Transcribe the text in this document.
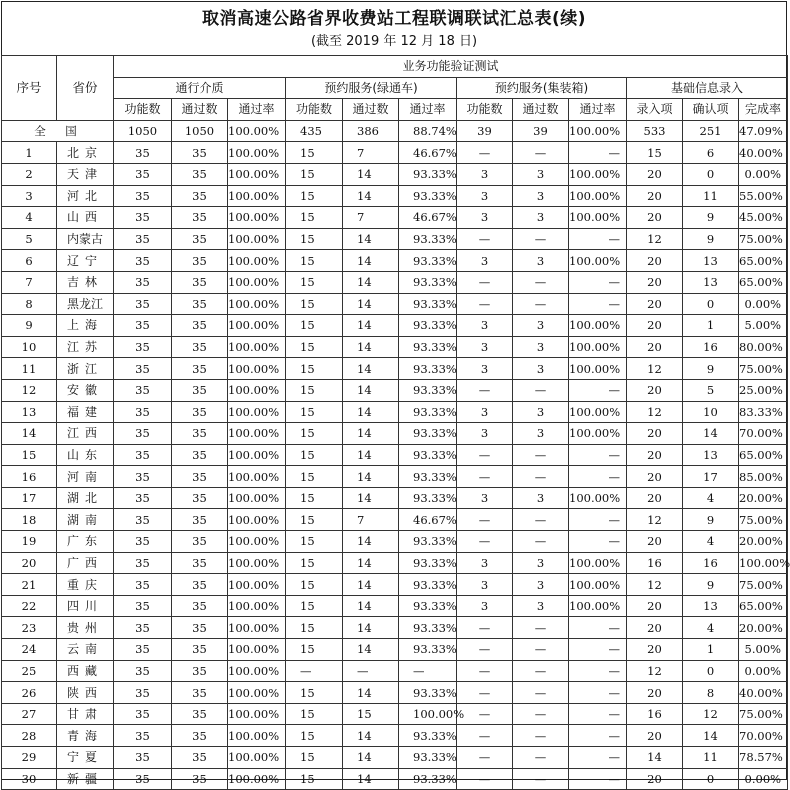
取消高速公路省界收费站工程联调联试汇总表(续)
(截至 2019 年 12 月 18 日)
序号	省份	业务功能验证测试											
		通行介质			预约服务(绿通车)			预约服务(集装箱)			基础信息录入		
		功能数	通过数	通过率	功能数	通过数	通过率	功能数	通过数	通过率	录入项	确认项	完成率
全　国		1050	1050	100.00%	435	386	88.74%	39	39	100.00%	533	251	47.09%
1	北京	35	35	100.00%	15	7	46.67%	—	—	—	15	6	40.00%
2	天津	35	35	100.00%	15	14	93.33%	3	3	100.00%	20	0	0.00%
3	河北	35	35	100.00%	15	14	93.33%	3	3	100.00%	20	11	55.00%
4	山西	35	35	100.00%	15	7	46.67%	3	3	100.00%	20	9	45.00%
5	内蒙古	35	35	100.00%	15	14	93.33%	—	—	—	12	9	75.00%
6	辽宁	35	35	100.00%	15	14	93.33%	3	3	100.00%	20	13	65.00%
7	吉林	35	35	100.00%	15	14	93.33%	—	—	—	20	13	65.00%
8	黑龙江	35	35	100.00%	15	14	93.33%	—	—	—	20	0	0.00%
9	上海	35	35	100.00%	15	14	93.33%	3	3	100.00%	20	1	5.00%
10	江苏	35	35	100.00%	15	14	93.33%	3	3	100.00%	20	16	80.00%
11	浙江	35	35	100.00%	15	14	93.33%	3	3	100.00%	12	9	75.00%
12	安徽	35	35	100.00%	15	14	93.33%	—	—	—	20	5	25.00%
13	福建	35	35	100.00%	15	14	93.33%	3	3	100.00%	12	10	83.33%
14	江西	35	35	100.00%	15	14	93.33%	3	3	100.00%	20	14	70.00%
15	山东	35	35	100.00%	15	14	93.33%	—	—	—	20	13	65.00%
16	河南	35	35	100.00%	15	14	93.33%	—	—	—	20	17	85.00%
17	湖北	35	35	100.00%	15	14	93.33%	3	3	100.00%	20	4	20.00%
18	湖南	35	35	100.00%	15	7	46.67%	—	—	—	12	9	75.00%
19	广东	35	35	100.00%	15	14	93.33%	—	—	—	20	4	20.00%
20	广西	35	35	100.00%	15	14	93.33%	3	3	100.00%	16	16	100.00%
21	重庆	35	35	100.00%	15	14	93.33%	3	3	100.00%	12	9	75.00%
22	四川	35	35	100.00%	15	14	93.33%	3	3	100.00%	20	13	65.00%
23	贵州	35	35	100.00%	15	14	93.33%	—	—	—	20	4	20.00%
24	云南	35	35	100.00%	15	14	93.33%	—	—	—	20	1	5.00%
25	西藏	35	35	100.00%	—	—	—	—	—	—	12	0	0.00%
26	陕西	35	35	100.00%	15	14	93.33%	—	—	—	20	8	40.00%
27	甘肃	35	35	100.00%	15	15	100.00%	—	—	—	16	12	75.00%
28	青海	35	35	100.00%	15	14	93.33%	—	—	—	20	14	70.00%
29	宁夏	35	35	100.00%	15	14	93.33%	—	—	—	14	11	78.57%
30	新疆	35	35	100.00%	15	14	93.33%	—	—	—	20	0	0.00%
